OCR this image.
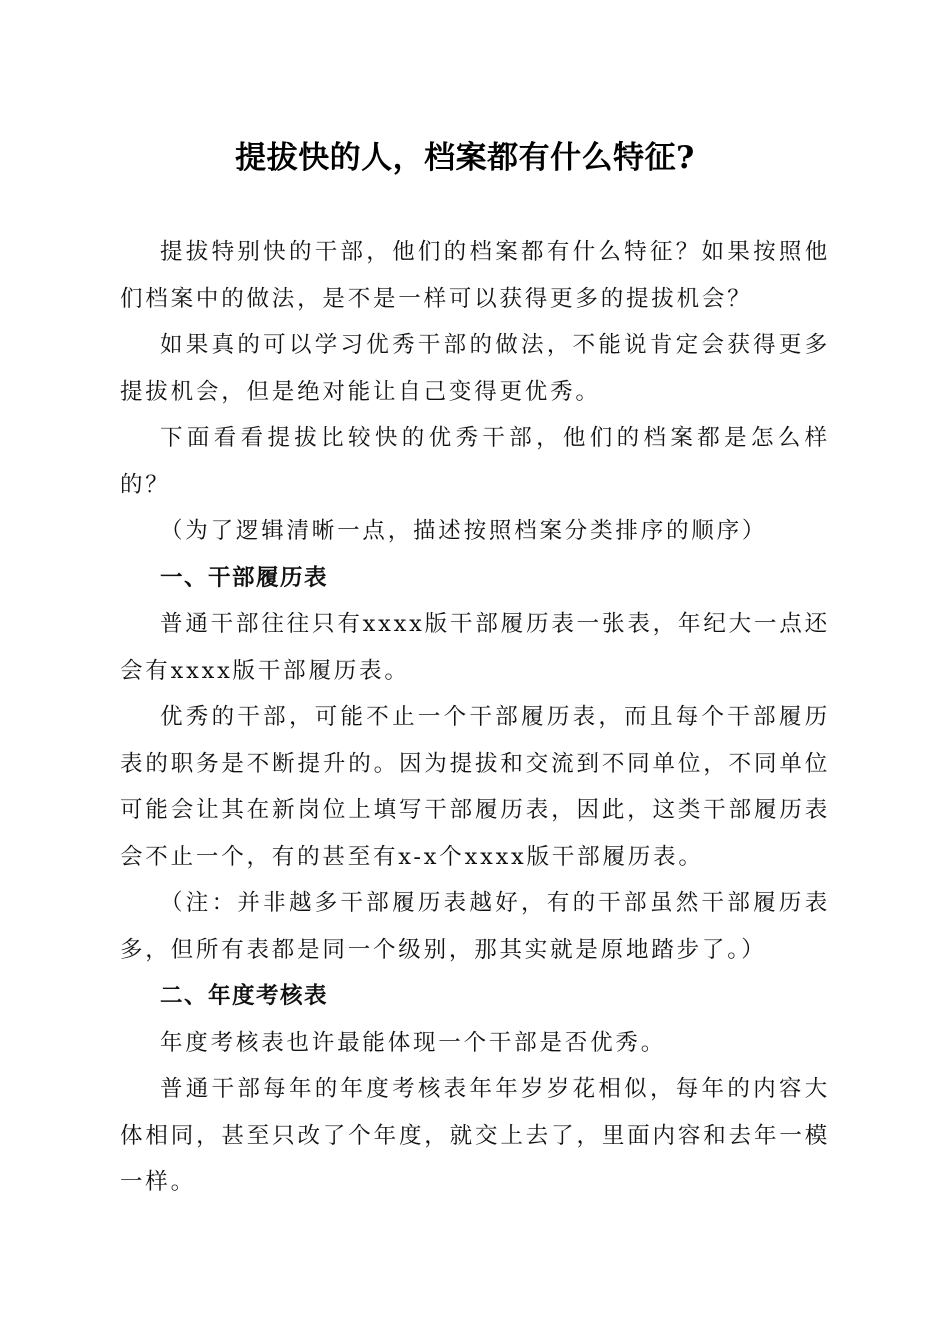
提拔快的人，档案都有什么特征?

提拔特别快的干部，他们的档案都有什么特征？如果按照他们档案中的做法，是不是一样可以获得更多的提拔机会？

如果真的可以学习优秀干部的做法，不能说肯定会获得更多提拔机会，但是绝对能让自己变得更优秀。

下面看看提拔比较快的优秀干部，他们的档案都是怎么样的？

（为了逻辑清晰一点，描述按照档案分类排序的顺序）

一、干部履历表

普通干部往往只有xxxx版干部履历表一张表，年纪大一点还会有xxxx版干部履历表。

优秀的干部，可能不止一个干部履历表，而且每个干部履历表的职务是不断提升的。因为提拔和交流到不同单位，不同单位可能会让其在新岗位上填写干部履历表，因此，这类干部履历表会不止一个，有的甚至有x-x个xxxx版干部履历表。

（注：并非越多干部履历表越好，有的干部虽然干部履历表多，但所有表都是同一个级别，那其实就是原地踏步了。）

二、年度考核表

年度考核表也许最能体现一个干部是否优秀。

普通干部每年的年度考核表年年岁岁花相似，每年的内容大体相同，甚至只改了个年度，就交上去了，里面内容和去年一模一样。
